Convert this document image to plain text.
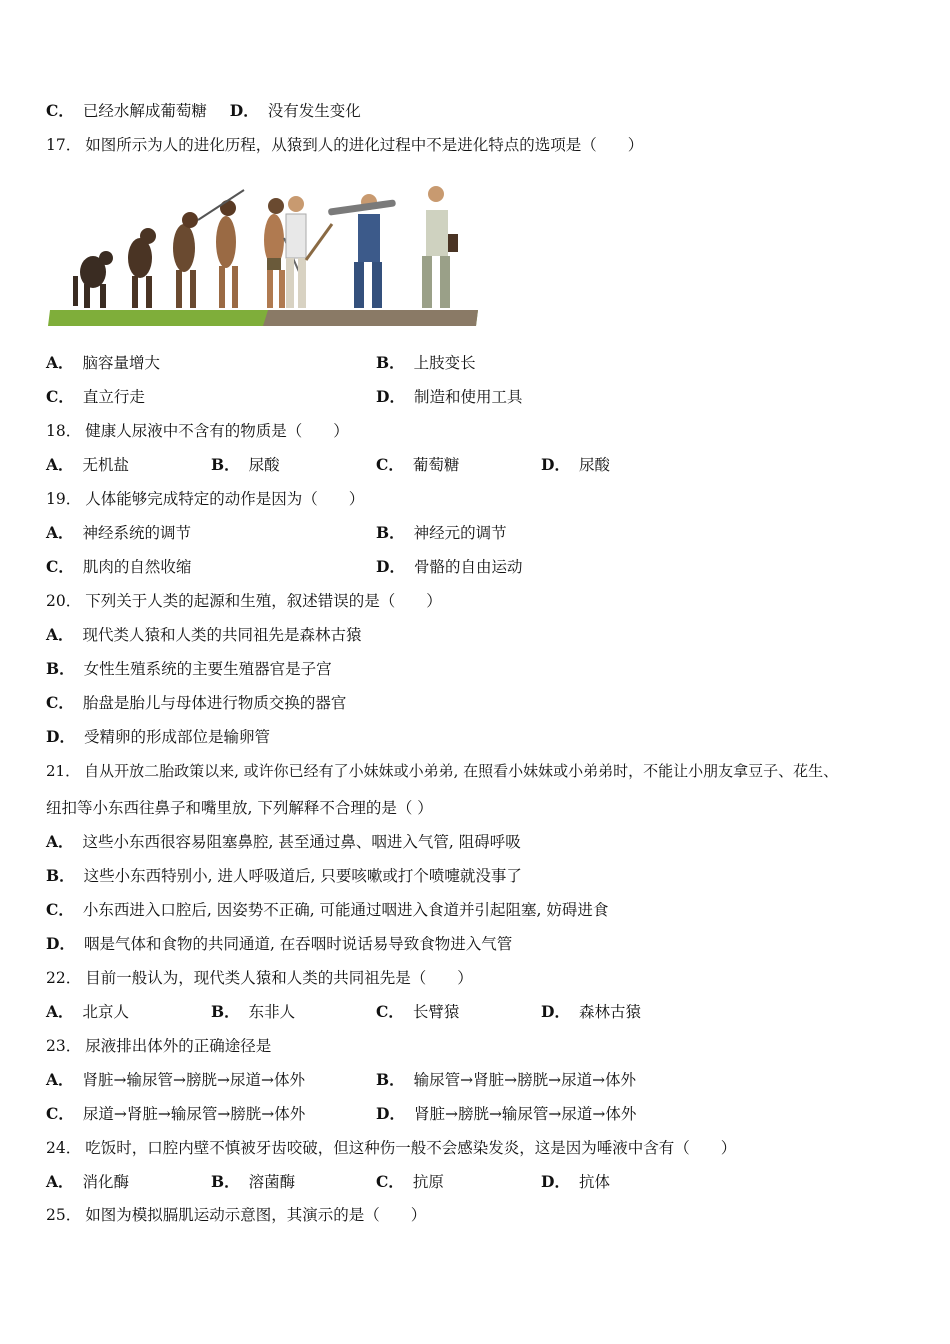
C． 已经水解成葡萄糖 D． 没有发生变化
17． 如图所示为人的进化历程，从猿到人的进化过程中不是进化特点的选项是（　　）
A． 脑容量增大	B． 上肢变长
C． 直立行走	D． 制造和使用工具
18． 健康人尿液中不含有的物质是（　　）
A． 无机盐	B． 尿酸	C． 葡萄糖	D． 尿酸
19． 人体能够完成特定的动作是因为（　　）
A． 神经系统的调节	B． 神经元的调节
C． 肌肉的自然收缩	D． 骨骼的自由运动
20． 下列关于人类的起源和生殖，叙述错误的是（　　）
A． 现代类人猿和人类的共同祖先是森林古猿
B． 女性生殖系统的主要生殖器官是子宫
C． 胎盘是胎儿与母体进行物质交换的器官
D． 受精卵的形成部位是输卵管
21． 自从开放二胎政策以来, 或许你已经有了小妹妹或小弟弟, 在照看小妹妹或小弟弟时，不能让小朋友拿豆子、花生、
纽扣等小东西往鼻子和嘴里放, 下列解释不合理的是（ ）
A． 这些小东西很容易阻塞鼻腔, 甚至通过鼻、咽进入气管, 阻碍呼吸
B． 这些小东西特别小, 进人呼吸道后, 只要咳嗽或打个喷嚏就没事了
C． 小东西进入口腔后, 因姿势不正确, 可能通过咽进入食道并引起阻塞, 妨碍进食
D． 咽是气体和食物的共同通道, 在吞咽时说话易导致食物进入气管
22． 目前一般认为，现代类人猿和人类的共同祖先是（　　）
A． 北京人	B． 东非人	C． 长臂猿	D． 森林古猿
23． 尿液排出体外的正确途径是
A． 肾脏→输尿管→膀胱→尿道→体外	B． 输尿管→肾脏→膀胱→尿道→体外
C． 尿道→肾脏→输尿管→膀胱→体外	D． 肾脏→膀胱→输尿管→尿道→体外
24． 吃饭时，口腔内壁不慎被牙齿咬破，但这种伤一般不会感染发炎，这是因为唾液中含有（　　）
A． 消化酶	B． 溶菌酶	C． 抗原	D． 抗体
25． 如图为模拟膈肌运动示意图，其演示的是（　　）
